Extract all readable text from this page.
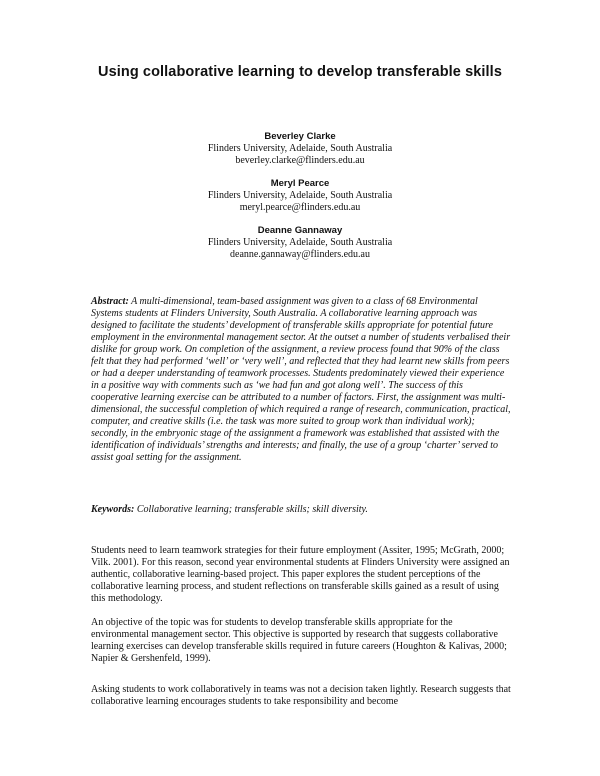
Using collaborative learning to develop transferable skills
Beverley Clarke
Flinders University, Adelaide, South Australia
beverley.clarke@flinders.edu.au
Meryl Pearce
Flinders University, Adelaide, South Australia
meryl.pearce@flinders.edu.au
Deanne Gannaway
Flinders University, Adelaide, South Australia
deanne.gannaway@flinders.edu.au
Abstract: A multi-dimensional, team-based assignment was given to a class of 68 Environmental Systems students at Flinders University, South Australia. A collaborative learning approach was designed to facilitate the students’ development of transferable skills appropriate for potential future employment in the environmental management sector. At the outset a number of students verbalised their dislike for group work. On completion of the assignment, a review process found that 90% of the class felt that they had performed ‘well’ or ‘very well’, and reflected that they had learnt new skills from peers or had a deeper understanding of teamwork processes. Students predominately viewed their experience in a positive way with comments such as ‘we had fun and got along well’. The success of this cooperative learning exercise can be attributed to a number of factors. First, the assignment was multi-dimensional, the successful completion of which required a range of research, communication, practical, computer, and creative skills (i.e. the task was more suited to group work than individual work); secondly, in the embryonic stage of the assignment a framework was established that assisted with the identification of individuals’ strengths and interests; and finally, the use of a group ‘charter’ served to assist goal setting for the assignment.
Keywords: Collaborative learning; transferable skills; skill diversity.
Students need to learn teamwork strategies for their future employment (Assiter, 1995; McGrath, 2000; Vilk. 2001). For this reason, second year environmental students at Flinders University were assigned an authentic, collaborative learning-based project. This paper explores the student perceptions of the collaborative learning process, and student reflections on transferable skills gained as a result of using this methodology.
An objective of the topic was for students to develop transferable skills appropriate for the environmental management sector. This objective is supported by research that suggests collaborative learning exercises can develop transferable skills required in future careers (Houghton & Kalivas, 2000; Napier & Gershenfeld, 1999).
Asking students to work collaboratively in teams was not a decision taken lightly. Research suggests that collaborative learning encourages students to take responsibility and become
